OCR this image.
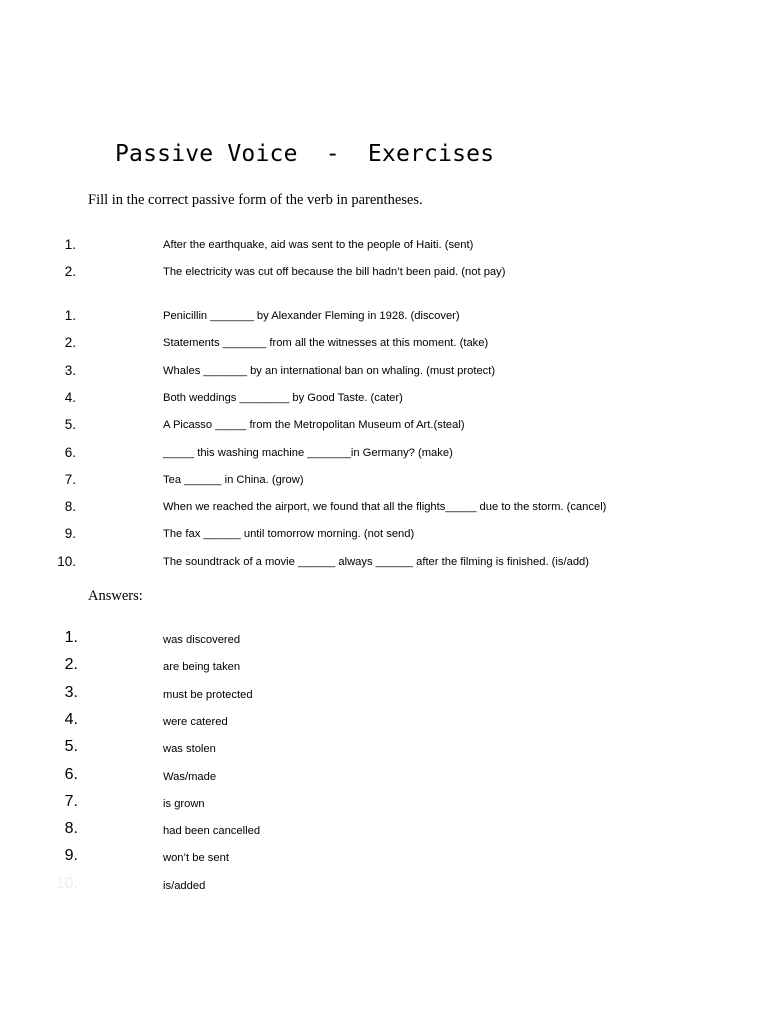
Passive Voice  -  Exercises
Fill in the correct passive form of the verb in parentheses.
1.	After the earthquake, aid was sent to the people of Haiti. (sent)
2.	The electricity was cut off because the bill hadn’t been paid. (not pay)
1.	Penicillin _______ by Alexander Fleming in 1928. (discover)
2.	Statements _______ from all the witnesses at this moment. (take)
3.	Whales _______ by an international ban on whaling. (must protect)
4.	Both weddings ________ by Good Taste. (cater)
5.	A Picasso _____ from the Metropolitan Museum of Art.(steal)
6.	_____ this washing machine _______in Germany? (make)
7.	Tea ______ in China. (grow)
8.	When we reached the airport, we found that all the flights_____ due to the storm. (cancel)
9.	The fax ______ until tomorrow morning. (not send)
10.	The soundtrack of a movie ______ always ______ after the filming is finished. (is/add)
Answers:
1.	was discovered
2.	are being taken
3.	must be protected
4.	were catered
5.	was stolen
6.	Was/made
7.	is grown
8.	had been cancelled
9.	won’t be sent
10.	is/added
